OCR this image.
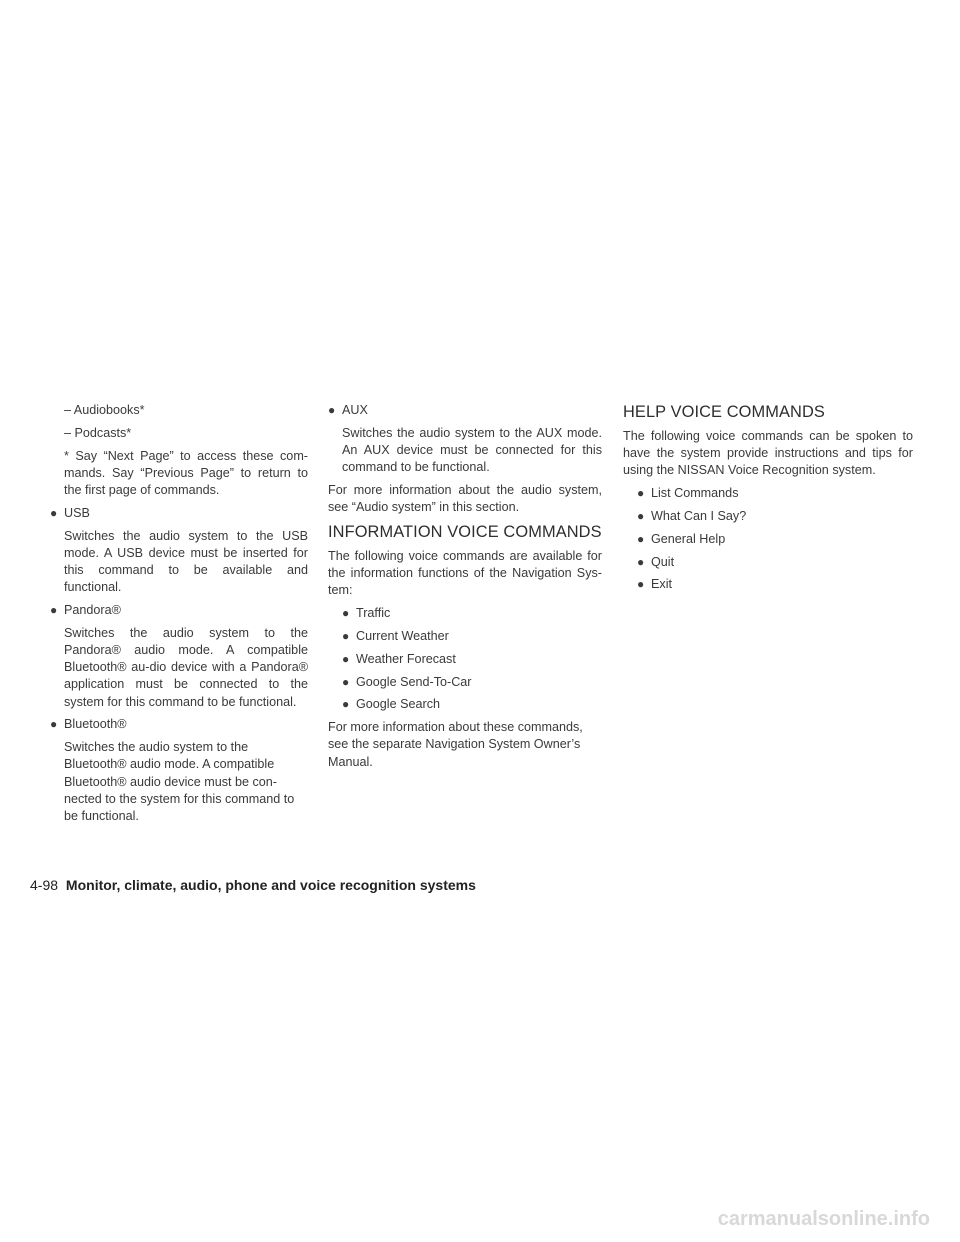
– Audiobooks*
– Podcasts*
* Say “Next Page” to access these com-mands. Say “Previous Page” to return to the first page of commands.
● USB
Switches the audio system to the USB mode. A USB device must be inserted for this command to be available and functional.
● Pandora®
Switches the audio system to the Pandora® audio mode. A compatible Bluetooth® au-dio device with a Pandora® application must be connected to the system for this command to be functional.
● Bluetooth®
Switches the audio system to the Bluetooth® audio mode. A compatible Bluetooth® audio device must be con-nected to the system for this command to be functional.
● AUX
Switches the audio system to the AUX mode. An AUX device must be connected for this command to be functional.
For more information about the audio system, see “Audio system” in this section.
INFORMATION VOICE COMMANDS
The following voice commands are available for the information functions of the Navigation Sys-tem:
● Traffic
● Current Weather
● Weather Forecast
● Google Send-To-Car
● Google Search
For more information about these commands, see the separate Navigation System Owner’s Manual.
HELP VOICE COMMANDS
The following voice commands can be spoken to have the system provide instructions and tips for using the NISSAN Voice Recognition system.
● List Commands
● What Can I Say?
● General Help
● Quit
● Exit
4-98 Monitor, climate, audio, phone and voice recognition systems
carmanualsonline.info
